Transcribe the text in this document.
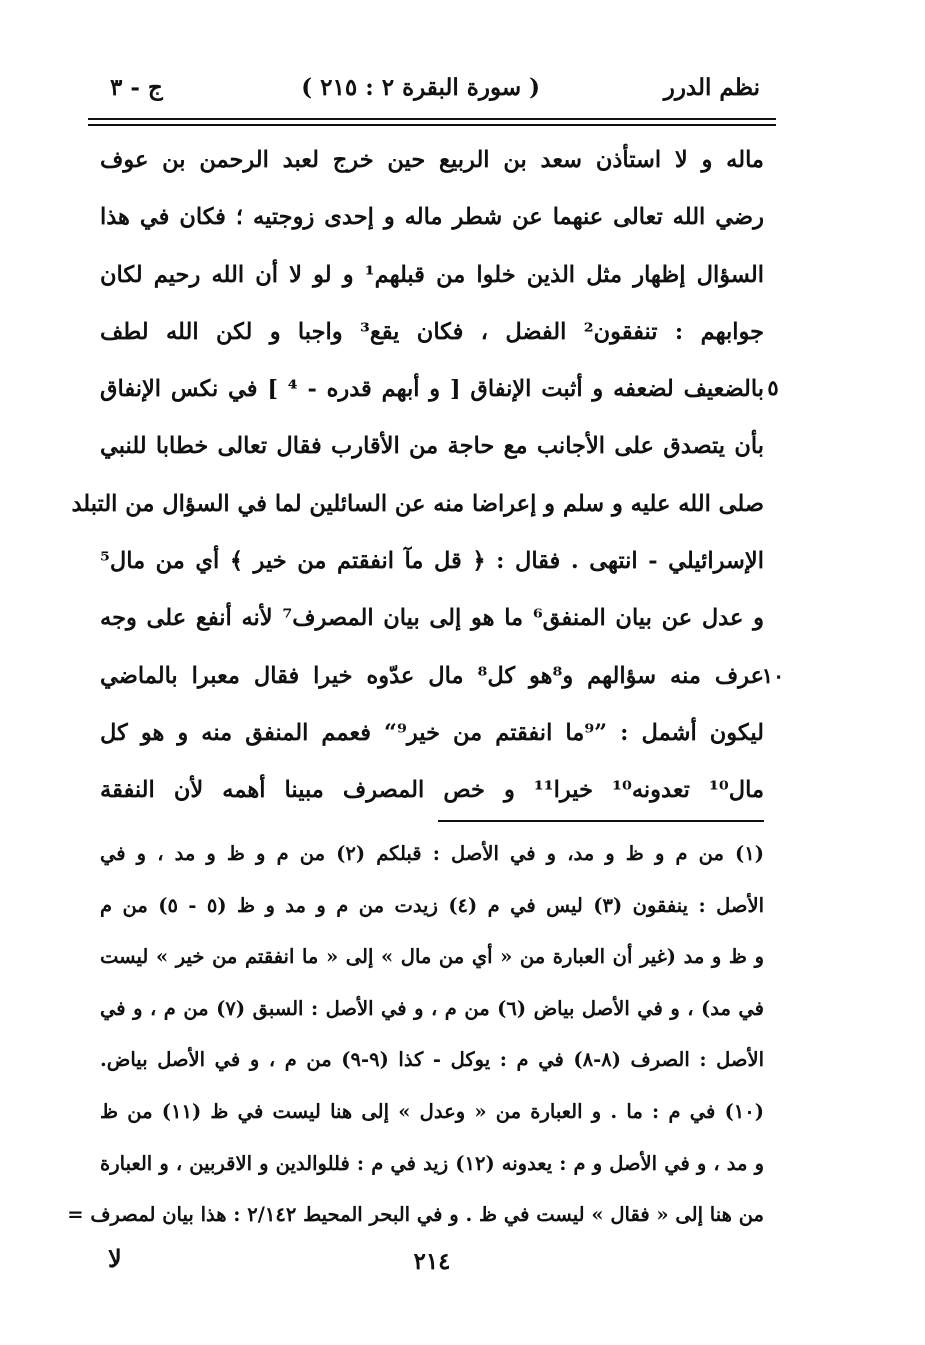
نظم الدرر
( سورة البقرة ٢ : ٢١٥ )
ج - ٣
٥
١٠
ماله و لا استأذن سعد بن الربيع حين خرج لعبد الرحمن بن عوف
رضي الله تعالى عنهما عن شطر ماله و إحدى زوجتيه ؛ فكان في هذا
السؤال إظهار مثل الذين خلوا من قبلهم¹ و لو لا أن الله رحيم لكان
جوابهم : تنفقون² الفضل ، فكان يقع³ واجبا و لكن الله لطف
بالضعيف لضعفه و أثبت الإنفاق [ و أبهم قدره - ⁴ ] في نكس الإنفاق
بأن يتصدق على الأجانب مع حاجة من الأقارب فقال تعالى خطابا للنبي
صلى الله عليه و سلم و إعراضا منه عن السائلين لما في السؤال من التبلد
الإسرائيلي - انتهى . فقال : ﴿ قل مآ انفقتم من خير ﴾ أي من مال⁵
و عدل عن بيان المنفق⁶ ما هو إلى بيان المصرف⁷ لأنه أنفع على وجه
عرف منه سؤالهم و⁸هو كل⁸ مال عدّوه خيرا فقال معبرا بالماضي
ليكون أشمل : ”⁹ما انفقتم من خير⁹“ فعمم المنفق منه و هو كل
مال¹⁰ تعدونه¹⁰ خيرا¹¹ و خص المصرف مبينا أهمه لأن النفقة
(١) من م و ظ و مد، و في الأصل : قبلكم (٢) من م و ظ و مد ، و في
الأصل : ينفقون (٣) ليس في م (٤) زيدت من م و مد و ظ (٥ - ٥) من م
و ظ و مد (غير أن العبارة من « أي من مال » إلى « ما انفقتم من خير » ليست
في مد) ، و في الأصل بياض (٦) من م ، و في الأصل : السبق (٧) من م ، و في
الأصل : الصرف (٨-٨) في م : يوكل - كذا (٩-٩) من م ، و في الأصل بياض.
(١٠) في م : ما . و العبارة من « وعدل » إلى هنا ليست في ظ (١١) من ظ
و مد ، و في الأصل و م : يعدونه (١٢) زيد في م : فللوالدين و الاقربين ، و العبارة
من هنا إلى « فقال » ليست في ظ . و في البحر المحيط ٢/١٤٢ : هذا بيان لمصرف =
٢١٤
لا
